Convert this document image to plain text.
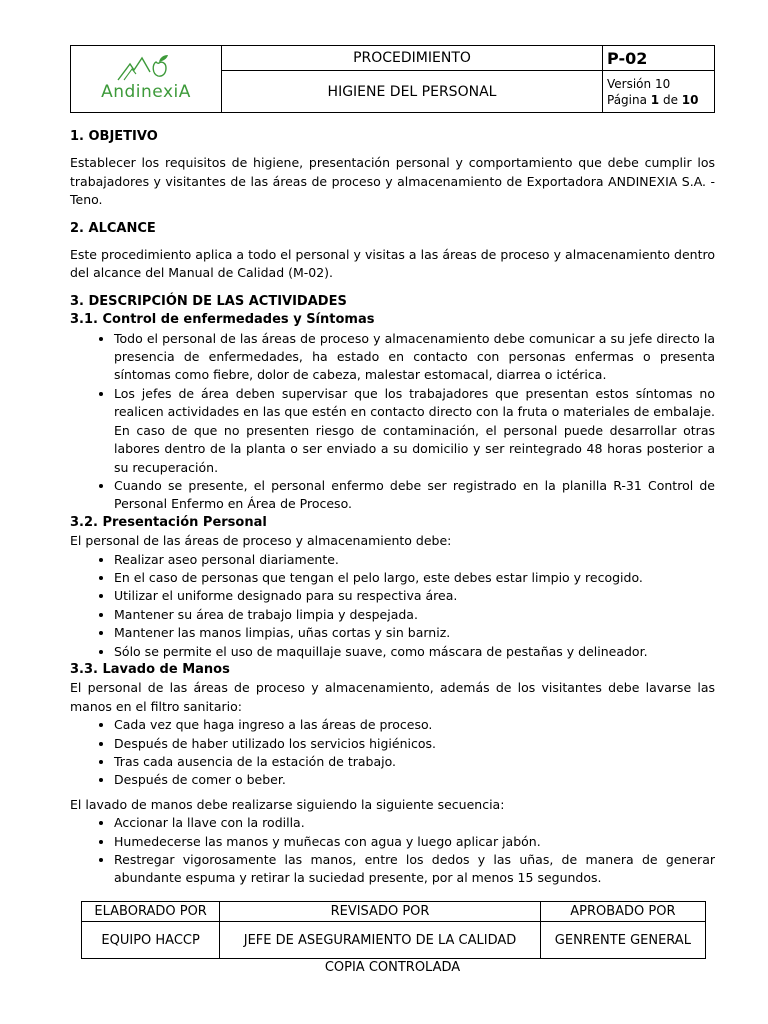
AndinexiA	PROCEDIMIENTO	P-02
	HIGIENE DEL PERSONAL	Versión 10
Página 1 de 10

1. OBJETIVO

Establecer los requisitos de higiene, presentación personal y comportamiento que debe cumplir los trabajadores y visitantes de las áreas de proceso y almacenamiento de Exportadora ANDINEXIA S.A. - Teno.

2. ALCANCE

Este procedimiento aplica a todo el personal y visitas a las áreas de proceso y almacenamiento dentro del alcance del Manual de Calidad (M-02).

3. DESCRIPCIÓN DE LAS ACTIVIDADES

3.1. Control de enfermedades y Síntomas

• Todo el personal de las áreas de proceso y almacenamiento debe comunicar a su jefe directo la presencia de enfermedades, ha estado en contacto con personas enfermas o presenta síntomas como fiebre, dolor de cabeza, malestar estomacal, diarrea o ictérica.
• Los jefes de área deben supervisar que los trabajadores que presentan estos síntomas no realicen actividades en las que estén en contacto directo con la fruta o materiales de embalaje. En caso de que no presenten riesgo de contaminación, el personal puede desarrollar otras labores dentro de la planta o ser enviado a su domicilio y ser reintegrado 48 horas posterior a su recuperación.
• Cuando se presente, el personal enfermo debe ser registrado en la planilla R-31 Control de Personal Enfermo en Área de Proceso.

3.2. Presentación Personal

El personal de las áreas de proceso y almacenamiento debe:

• Realizar aseo personal diariamente.
• En el caso de personas que tengan el pelo largo, este debes estar limpio y recogido.
• Utilizar el uniforme designado para su respectiva área.
• Mantener su área de trabajo limpia y despejada.
• Mantener las manos limpias, uñas cortas y sin barniz.
• Sólo se permite el uso de maquillaje suave, como máscara de pestañas y delineador.

3.3. Lavado de Manos

El personal de las áreas de proceso y almacenamiento, además de los visitantes debe lavarse las manos en el filtro sanitario:

• Cada vez que haga ingreso a las áreas de proceso.
• Después de haber utilizado los servicios higiénicos.
• Tras cada ausencia de la estación de trabajo.
• Después de comer o beber.

El lavado de manos debe realizarse siguiendo la siguiente secuencia:

• Accionar la llave con la rodilla.
• Humedecerse las manos y muñecas con agua y luego aplicar jabón.
• Restregar vigorosamente las manos, entre los dedos y las uñas, de manera de generar abundante espuma y retirar la suciedad presente, por al menos 15 segundos.
ELABORADO POR	REVISADO POR	APROBADO POR
EQUIPO HACCP	JEFE DE ASEGURAMIENTO DE LA CALIDAD	GENRENTE GENERAL
COPIA CONTROLADA
